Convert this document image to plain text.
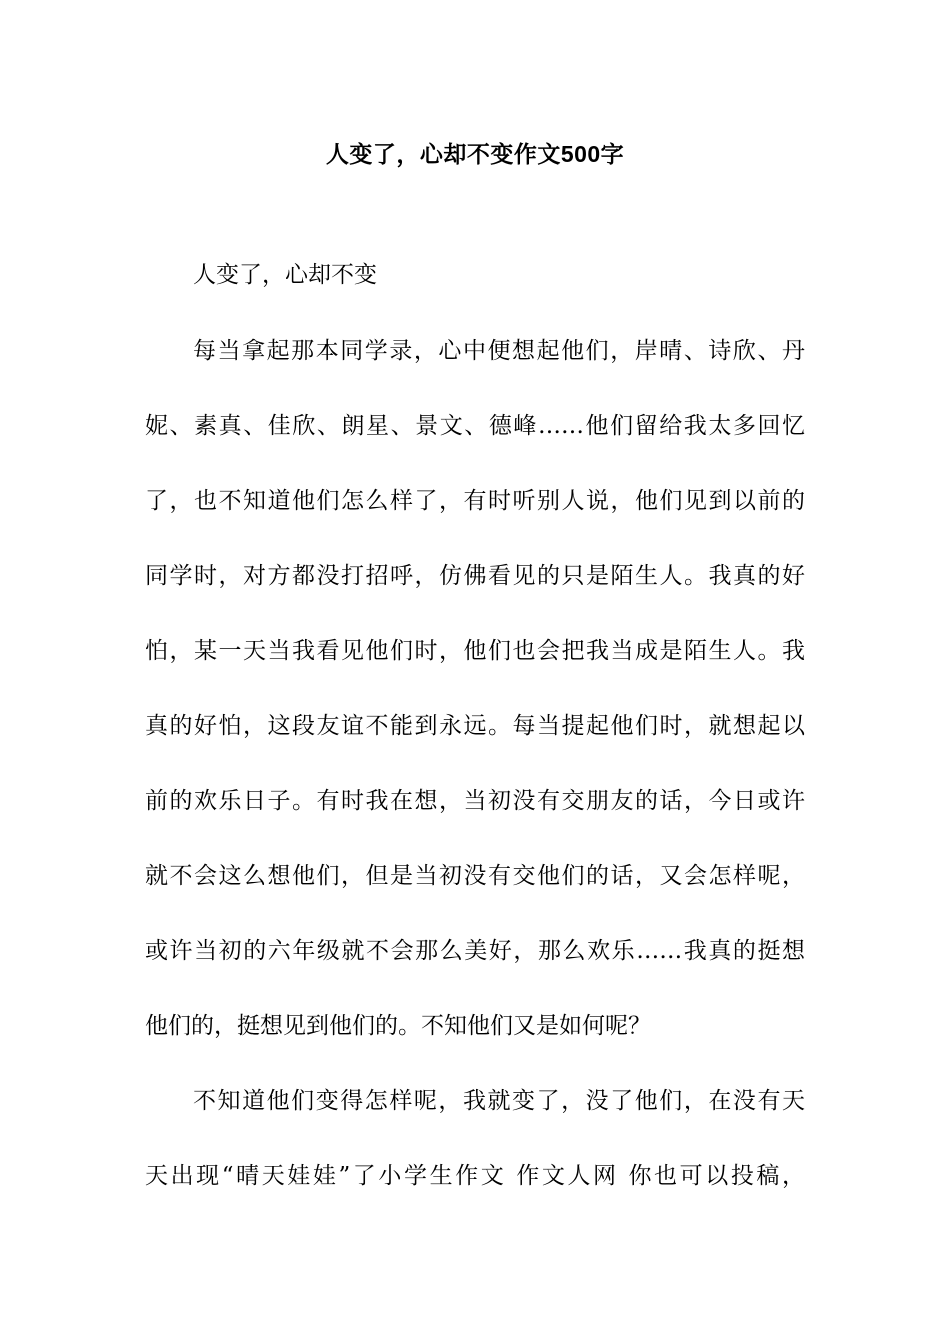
人变了，心却不变作文500字
人变了，心却不变
每当拿起那本同学录，心中便想起他们，岸晴、诗欣、丹
妮、素真、佳欣、朗星、景文、德峰……他们留给我太多回忆
了，也不知道他们怎么样了，有时听别人说，他们见到以前的
同学时，对方都没打招呼，仿佛看见的只是陌生人。我真的好
怕，某一天当我看见他们时，他们也会把我当成是陌生人。我
真的好怕，这段友谊不能到永远。每当提起他们时，就想起以
前的欢乐日子。有时我在想，当初没有交朋友的话，今日或许
就不会这么想他们，但是当初没有交他们的话，又会怎样呢，
或许当初的六年级就不会那么美好，那么欢乐……我真的挺想
他们的，挺想见到他们的。不知他们又是如何呢？
不知道他们变得怎样呢，我就变了，没了他们，在没有天
天出现“晴天娃娃”了小学生作文 作文人网 你也可以投稿，
